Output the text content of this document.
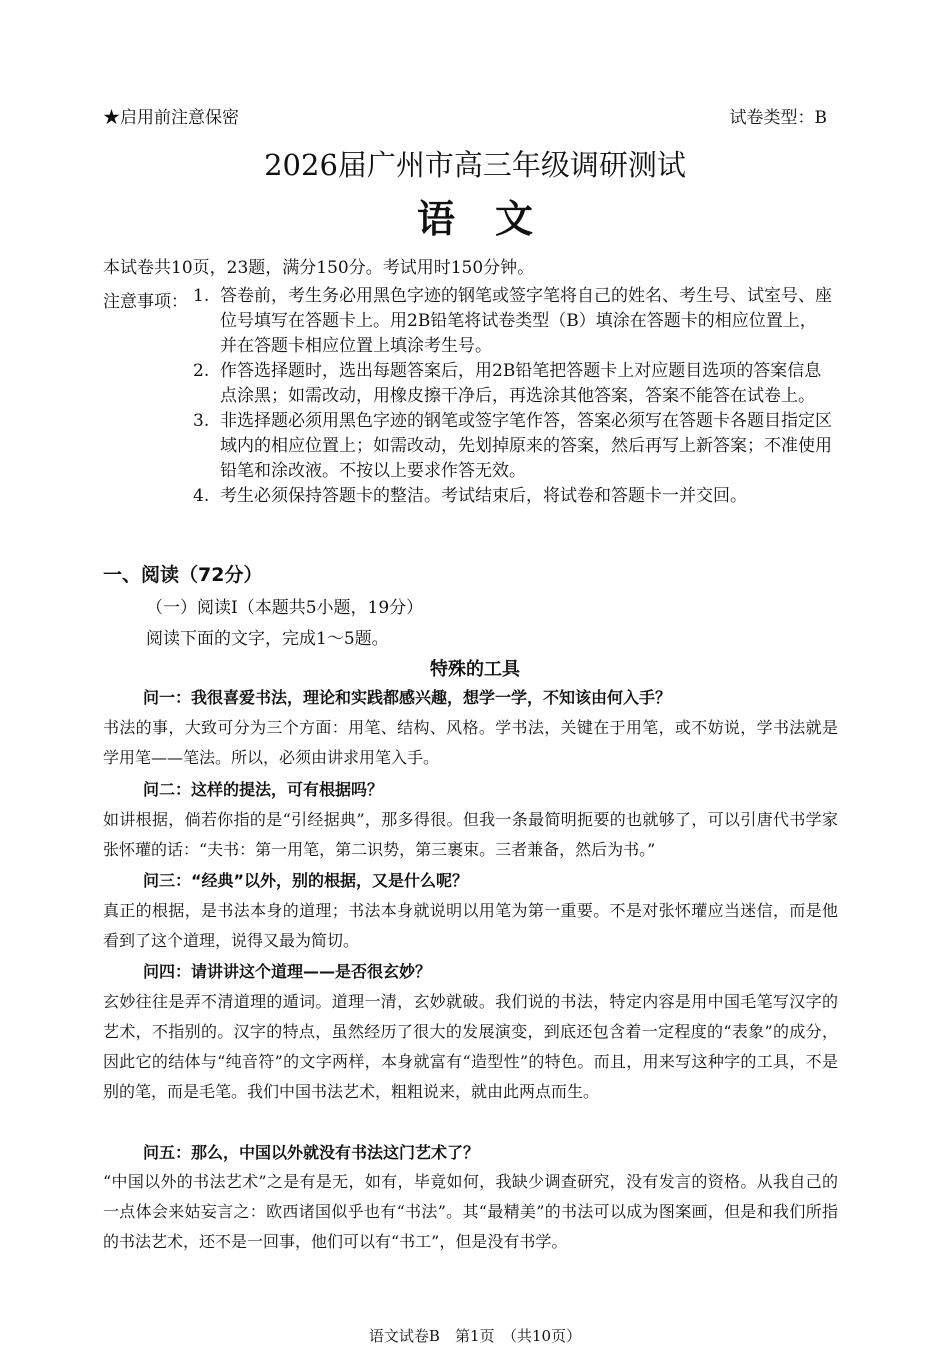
★启用前注意保密	试卷类型：B
2026届广州市高三年级调研测试
语文
本试卷共10页，23题，满分150分。考试用时150分钟。
注意事项： 1. 答卷前，考生务必用黑色字迹的钢笔或签字笔将自己的姓名、考生号、试室号、座位号填写在答题卡上。用2B铅笔将试卷类型（B）填涂在答题卡的相应位置上，并在答题卡相应位置上填涂考生号。
2. 作答选择题时，选出每题答案后，用2B铅笔把答题卡上对应题目选项的答案信息点涂黑；如需改动，用橡皮擦干净后，再选涂其他答案，答案不能答在试卷上。
3. 非选择题必须用黑色字迹的钢笔或签字笔作答，答案必须写在答题卡各题目指定区域内的相应位置上；如需改动，先划掉原来的答案，然后再写上新答案；不准使用铅笔和涂改液。不按以上要求作答无效。
4. 考生必须保持答题卡的整洁。考试结束后，将试卷和答题卡一并交回。
一、阅读（72分）
（一）阅读Ⅰ（本题共5小题，19分）
阅读下面的文字，完成1～5题。
特殊的工具
问一：我很喜爱书法，理论和实践都感兴趣，想学一学，不知该由何入手？
书法的事，大致可分为三个方面：用笔、结构、风格。学书法，关键在于用笔，或不妨说，学书法就是学用笔——笔法。所以，必须由讲求用笔入手。
问二：这样的提法，可有根据吗？
如讲根据，倘若你指的是“引经据典”，那多得很。但我一条最简明扼要的也就够了，可以引唐代书学家张怀瓘的话：“夫书：第一用笔，第二识势，第三裹束。三者兼备，然后为书。”
问三：“经典”以外，别的根据，又是什么呢？
真正的根据，是书法本身的道理；书法本身就说明以用笔为第一重要。不是对张怀瓘应当迷信，而是他看到了这个道理，说得又最为简切。
问四：请讲讲这个道理——是否很玄妙？
玄妙往往是弄不清道理的遁词。道理一清，玄妙就破。我们说的书法，特定内容是用中国毛笔写汉字的艺术，不指别的。汉字的特点，虽然经历了很大的发展演变，到底还包含着一定程度的“表象”的成分，因此它的结体与“纯音符”的文字两样，本身就富有“造型性”的特色。而且，用来写这种字的工具，不是别的笔，而是毛笔。我们中国书法艺术，粗粗说来，就由此两点而生。
问五：那么，中国以外就没有书法这门艺术了？
“中国以外的书法艺术”之是有是无，如有，毕竟如何，我缺少调查研究，没有发言的资格。从我自己的一点体会来姑妄言之：欧西诸国似乎也有“书法”。其“最精美”的书法可以成为图案画，但是和我们所指的书法艺术，还不是一回事，他们可以有“书工”，但是没有书学。
语文试卷B　第1页　（共10页）
